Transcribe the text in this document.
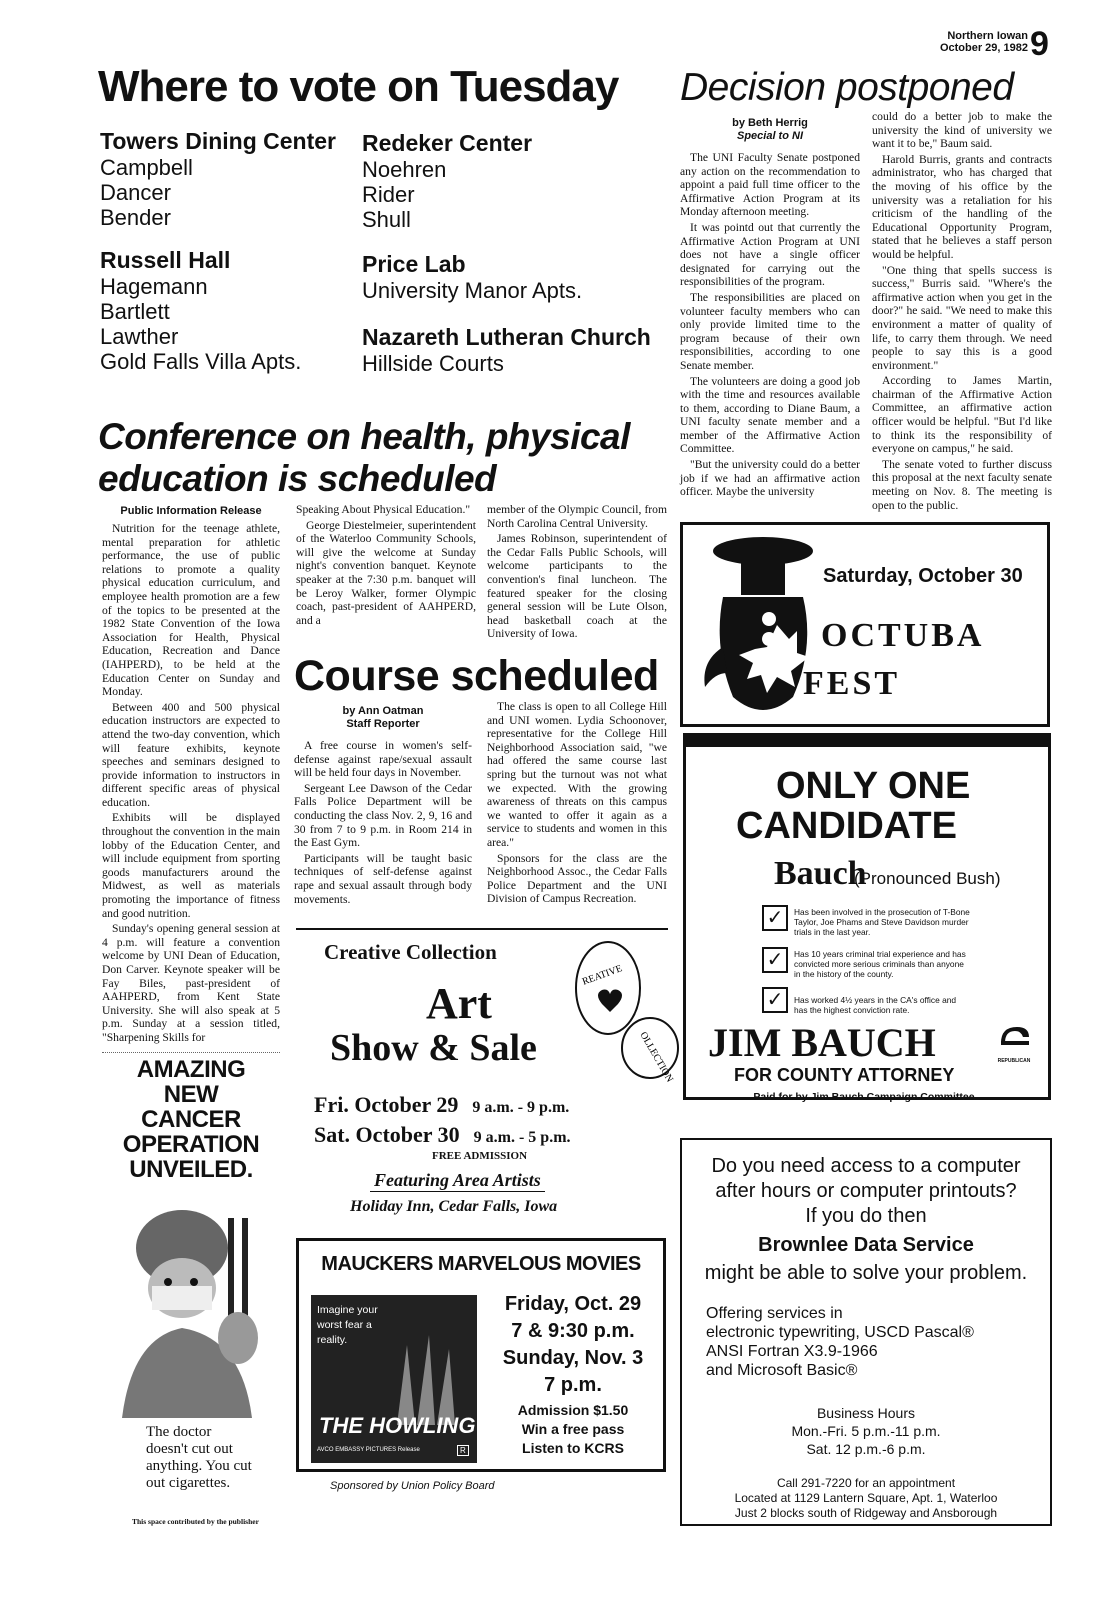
Northern Iowan
October 29, 1982 9
Where to vote on Tuesday
Towers Dining Center
Campbell
Dancer
Bender
Redeker Center
Noehren
Rider
Shull
Russell Hall
Hagemann
Bartlett
Lawther
Gold Falls Villa Apts.
Price Lab
University Manor Apts.
Nazareth Lutheran Church
Hillside Courts
Decision postponed
by Beth Herrig
Special to NI

The UNI Faculty Senate postponed any action on the recommendation to appoint a paid full time officer to the Affirmative Action Program at its Monday afternoon meeting.

It was pointd out that currently the Affirmative Action Program at UNI does not have a single officer designated for carrying out the responsibilities of the program.

The responsibilities are placed on volunteer faculty members who can only provide limited time to the program because of their own responsibilities, according to one Senate member.

The volunteers are doing a good job with the time and resources available to them, according to Diane Baum, a UNI faculty senate member and a member of the Affirmative Action Committee.

"But the university could do a better job if we had an affirmative action officer. Maybe the university

could do a better job to make the university the kind of university we want it to be," Baum said.

Harold Burris, grants and contracts administrator, who has charged that the moving of his office by the university was a retaliation for his criticism of the handling of the Educational Opportunity Program, stated that he believes a staff person would be helpful.

"One thing that spells success is success," Burris said. "Where's the affirmative action when you get in the door?" he said. "We need to make this environment a matter of quality of life, to carry them through. We need people to say this is a good environment."

According to James Martin, chairman of the Affirmative Action Committee, an affirmative action officer would be helpful. "But I'd like to think its the responsibility of everyone on campus," he said.

The senate voted to further discuss this proposal at the next faculty senate meeting on Nov. 8. The meeting is open to the public.

Conference on health, physical
education is scheduled
Public Information Release

Nutrition for the teenage athlete, mental preparation for athletic performance, the use of public relations to promote a quality physical education curriculum, and employee health promotion are a few of the topics to be presented at the 1982 State Convention of the Iowa Association for Health, Physical Education, Recreation and Dance (IAHPERD), to be held at the Education Center on Sunday and Monday.

Between 400 and 500 physical education instructors are expected to attend the two-day convention, which will feature exhibits, keynote speeches and seminars designed to provide information to instructors in different specific areas of physical education.

Exhibits will be displayed throughout the convention in the main lobby of the Education Center, and will include equipment from sporting goods manufacturers around the Midwest, as well as materials promoting the importance of fitness and good nutrition.

Sunday's opening general session at 4 p.m. will feature a convention welcome by UNI Dean of Education, Don Carver. Keynote speaker will be Fay Biles, past-president of AAHPERD, from Kent State University. She will also speak at 5 p.m. Sunday at a session titled, "Sharpening Skills for

Speaking About Physical Education."

George Diestelmeier, superintendent of the Waterloo Community Schools, will give the welcome at Sunday night's convention banquet. Keynote speaker at the 7:30 p.m. banquet will be Leroy Walker, former Olympic coach, past-president of AAHPERD, and a

member of the Olympic Council, from North Carolina Central University.

James Robinson, superintendent of the Cedar Falls Public Schools, will welcome participants to the convention's final luncheon. The featured speaker for the closing general session will be Lute Olson, head basketball coach at the University of Iowa.

Course scheduled
by Ann Oatman
Staff Reporter

A free course in women's self-defense against rape/sexual assault will be held four days in November.

Sergeant Lee Dawson of the Cedar Falls Police Department will be conducting the class Nov. 2, 9, 16 and 30 from 7 to 9 p.m. in Room 214 in the East Gym.

Participants will be taught basic techniques of self-defense against rape and sexual assault through body movements.

The class is open to all College Hill and UNI women. Lydia Schoonover, representative for the College Hill Neighborhood Association said, "we had offered the same course last spring but the turnout was not what we expected. With the growing awareness of threats on this campus we wanted to offer it again as a service to students and women in this area."

Sponsors for the class are the Neighborhood Assoc., the Cedar Falls Police Department and the UNI Division of Campus Recreation.

Saturday, October 30
OCTUBA
FEST
ONLY ONE
CANDIDATE
Bauch
(Pronounced Bush)
✓	Has been involved in the prosecution of T-Bone Taylor, Joe Phams and Steve Davidson murder trials in the last year.
✓	Has 10 years criminal trial experience and has convicted more serious criminals than anyone in the history of the county.
✓	Has worked 4½ years in the CA's office and has the highest conviction rate.
JIM BAUCH	REPUBLICAN
FOR COUNTY ATTORNEY
— Paid for by Jim Bauch Campaign Committee
AMAZING NEW CANCER OPERATION UNVEILED.
The doctor doesn't cut out anything. You cut out cigarettes.
This space contributed by the publisher
Creative Collection
Art
Show & Sale
REATIVE
OLLECTION
Fri. October 29 9 a.m. - 9 p.m.
Sat. October 30 9 a.m. - 5 p.m.
FREE ADMISSION
Featuring Area Artists
Holiday Inn, Cedar Falls, Iowa
MAUCKERS MARVELOUS MOVIES
Imagine your worst fear a reality.
THE HOWLING
AVCO EMBASSY PICTURES Release	R
Friday, Oct. 29
7 & 9:30 p.m.
Sunday, Nov. 3
7 p.m.
Admission $1.50
Win a free pass
Listen to KCRS
Sponsored by Union Policy Board
Do you need access to a computer
after hours or computer printouts?
If you do then
Brownlee Data Service
might be able to solve your problem.
Offering services in
electronic typewriting, USCD Pascal®
ANSI Fortran X3.9-1966
and Microsoft Basic®
Business Hours
Mon.-Fri. 5 p.m.-11 p.m.
Sat. 12 p.m.-6 p.m.
Call 291-7220 for an appointment
Located at 1129 Lantern Square, Apt. 1, Waterloo
Just 2 blocks south of Ridgeway and Ansborough
